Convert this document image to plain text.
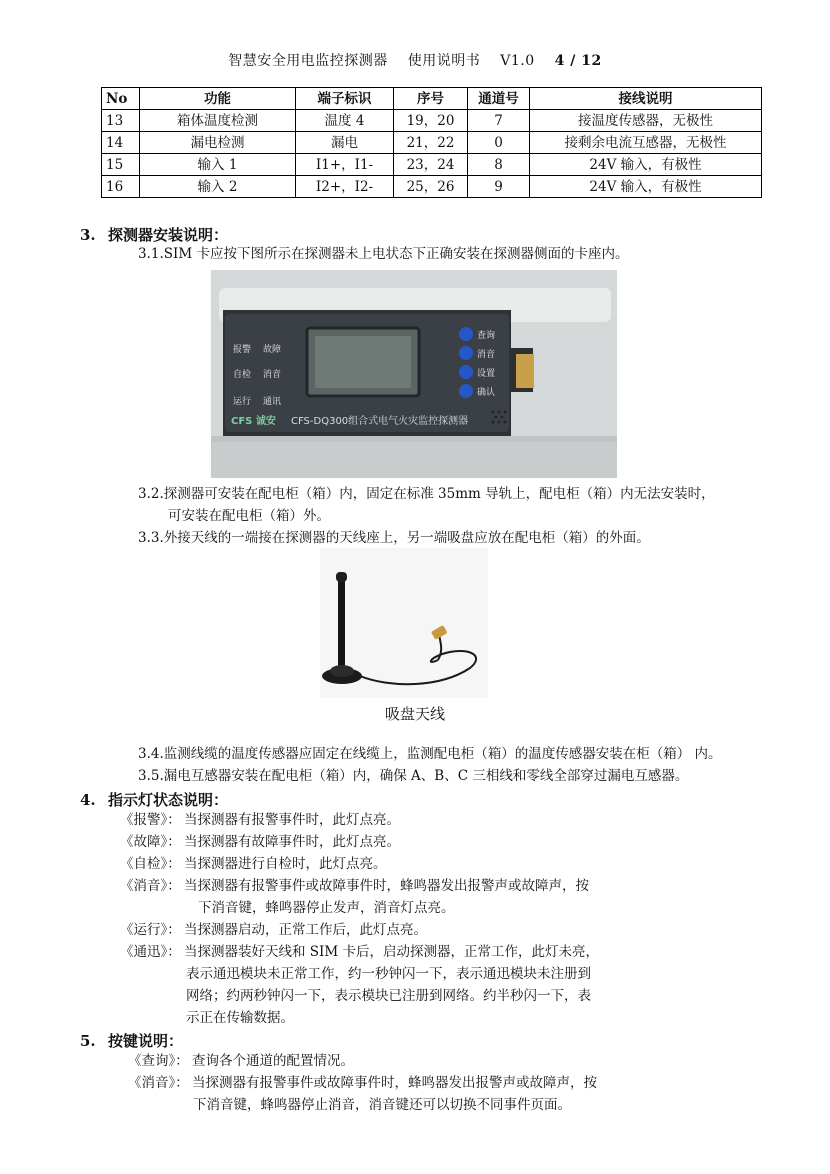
智慧安全用电监控探测器 使用说明书 V1.0 4 / 12
No	功能	端子标识	序号	通道号	接线说明
13	箱体温度检测	温度 4	19，20	7	接温度传感器，无极性
14	漏电检测	漏电	21，22	0	接剩余电流互感器，无极性
15	输入 1	I1+，I1-	23，24	8	24V 输入，有极性
16	输入 2	I2+，I2-	25，26	9	24V 输入，有极性
3. 探测器安装说明：
3.1.SIM 卡应按下图所示在探测器未上电状态下正确安装在探测器侧面的卡座内。
报警 故障
自检 消音
运行 通讯
查询
消音
设置
确认
CFS 诚安 CFS-DQ300组合式电气火灾监控探测器
3.2.探测器可安装在配电柜（箱）内，固定在标准 35mm 导轨上，配电柜（箱）内无法安装时，
可安装在配电柜（箱）外。
3.3.外接天线的一端接在探测器的天线座上，另一端吸盘应放在配电柜（箱）的外面。
吸盘天线
3.4.监测线缆的温度传感器应固定在线缆上，监测配电柜（箱）的温度传感器安装在柜（箱） 内。
3.5.漏电互感器安装在配电柜（箱）内，确保 A、B、C 三相线和零线全部穿过漏电互感器。
4. 指示灯状态说明：
《报警》： 当探测器有报警事件时，此灯点亮。
《故障》： 当探测器有故障事件时，此灯点亮。
《自检》： 当探测器进行自检时，此灯点亮。
《消音》： 当探测器有报警事件或故障事件时，蜂鸣器发出报警声或故障声，按
下消音键，蜂鸣器停止发声，消音灯点亮。
《运行》： 当探测器启动，正常工作后，此灯点亮。
《通迅》： 当探测器装好天线和 SIM 卡后，启动探测器，正常工作，此灯未亮，
表示通迅模块未正常工作，约一秒钟闪一下，表示通迅模块未注册到
网络；约两秒钟闪一下，表示模块已注册到网络。约半秒闪一下，表
示正在传输数据。
5. 按键说明：
《查询》： 查询各个通道的配置情况。
《消音》： 当探测器有报警事件或故障事件时，蜂鸣器发出报警声或故障声，按
下消音键，蜂鸣器停止消音，消音键还可以切换不同事件页面。
